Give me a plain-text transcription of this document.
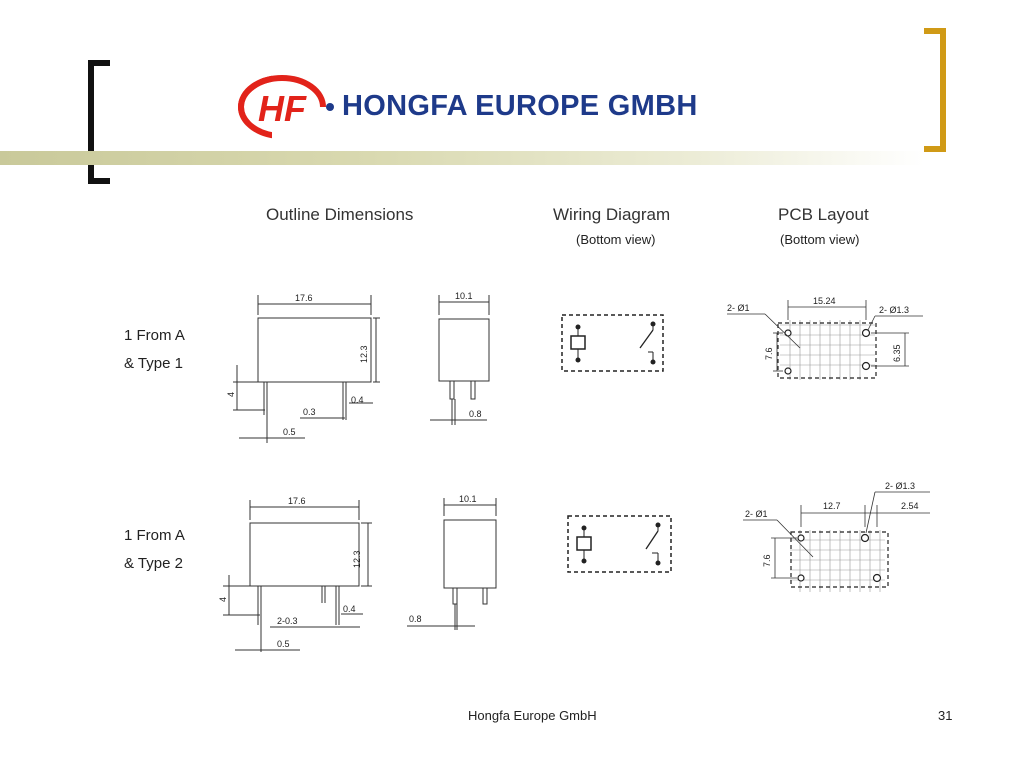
HF HONGFA EUROPE GMBH
Outline Dimensions	Wiring Diagram
(Bottom view)
PCB Layout
(Bottom view)
1 From A
& Type 1
1 From A
& Type 2
17.6
12.3
4
0.4
0.3
0.5
10.1
0.8
15.24
2- Ø1	2- Ø1.3
7.6	6.35
17.6
12.3
4
0.4
2-0.3
0.5
10.1
0.8
12.7	2.54
2- Ø1
2- Ø1.3
7.6
Hongfa Europe GmbH	31
